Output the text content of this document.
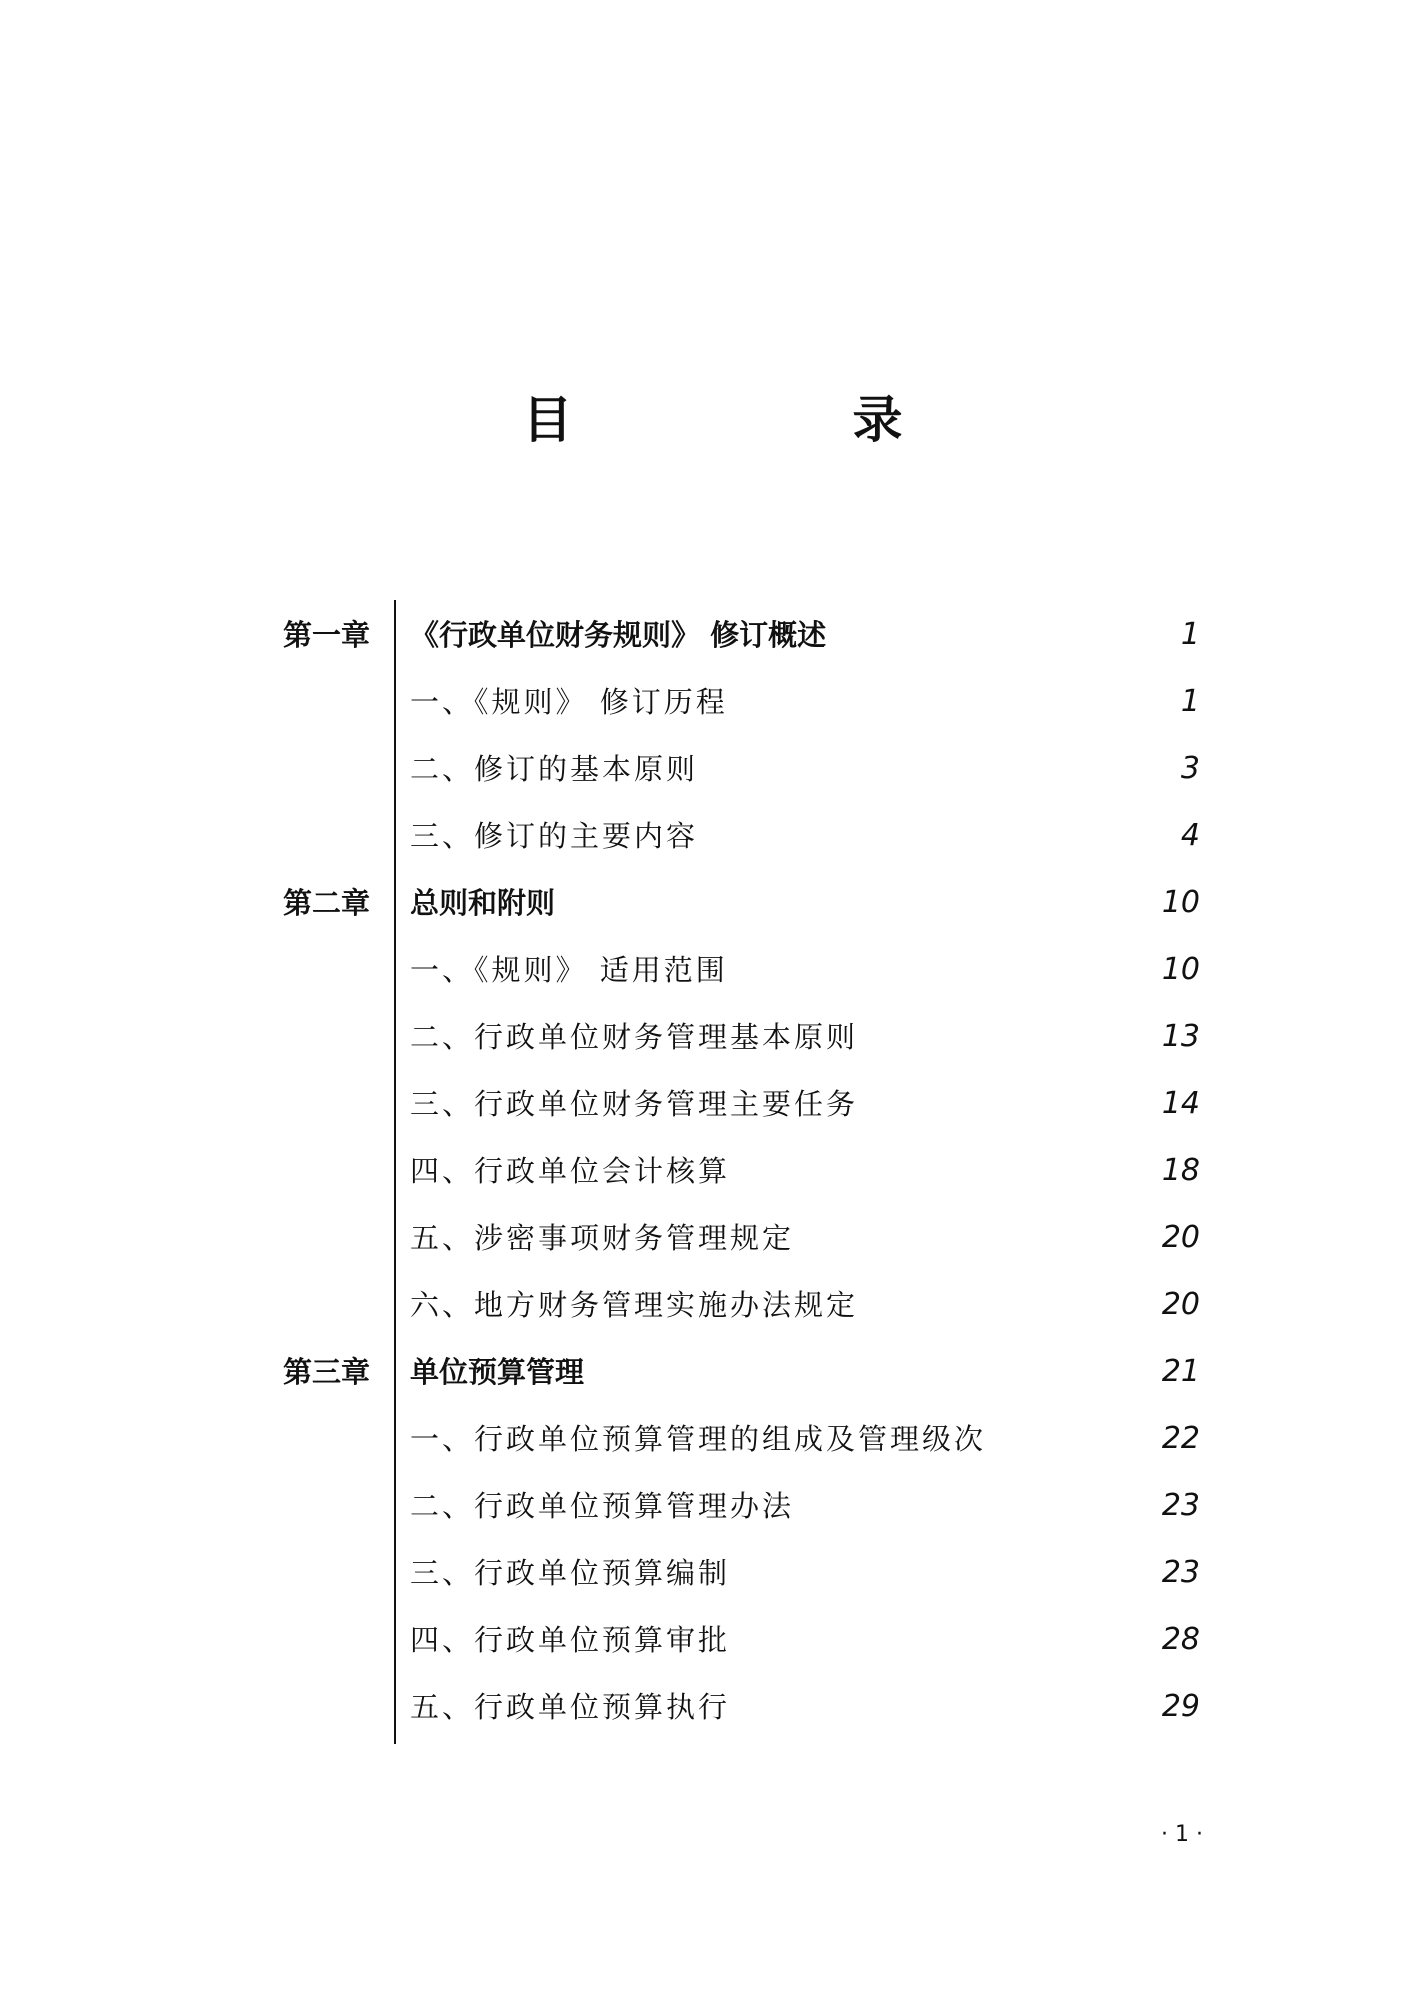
目　录
第一章 《行政单位财务规则》 修订概述	1
一、《规则》 修订历程	1
二、修订的基本原则	3
三、修订的主要内容	4
第二章 总则和附则	10
一、《规则》 适用范围	10
二、行政单位财务管理基本原则	13
三、行政单位财务管理主要任务	14
四、行政单位会计核算	18
五、涉密事项财务管理规定	20
六、地方财务管理实施办法规定	20
第三章 单位预算管理	21
一、行政单位预算管理的组成及管理级次	22
二、行政单位预算管理办法	23
三、行政单位预算编制	23
四、行政单位预算审批	28
五、行政单位预算执行	29
· 1 ·
